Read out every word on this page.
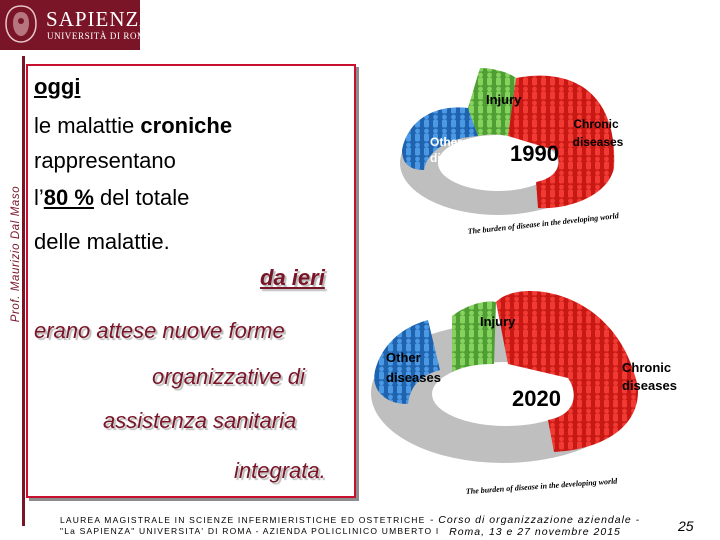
SAPIENZA
UNIVERSITÀ DI ROMA
Prof. Maurizio Dal Maso
oggi
le malattie croniche
rappresentano
l’80 % del totale
delle malattie.
da ieri
erano attese nuove forme
organizzative di
assistenza sanitaria
integrata.
Injury
Other
diseases
Chronic
diseases
1990
The burden of disease in the developing world
Injury
Other
diseases
Chronic
diseases
2020
The burden of disease in the developing world
LAUREA MAGISTRALE IN SCIENZE INFERMIERISTICHE ED OSTETRICHE
"La SAPIENZA" UNIVERSITA' DI ROMA - AZIENDA POLICLINICO UMBERTO I
- Corso di organizzazione aziendale -
Roma, 13 e 27 novembre 2015	25
